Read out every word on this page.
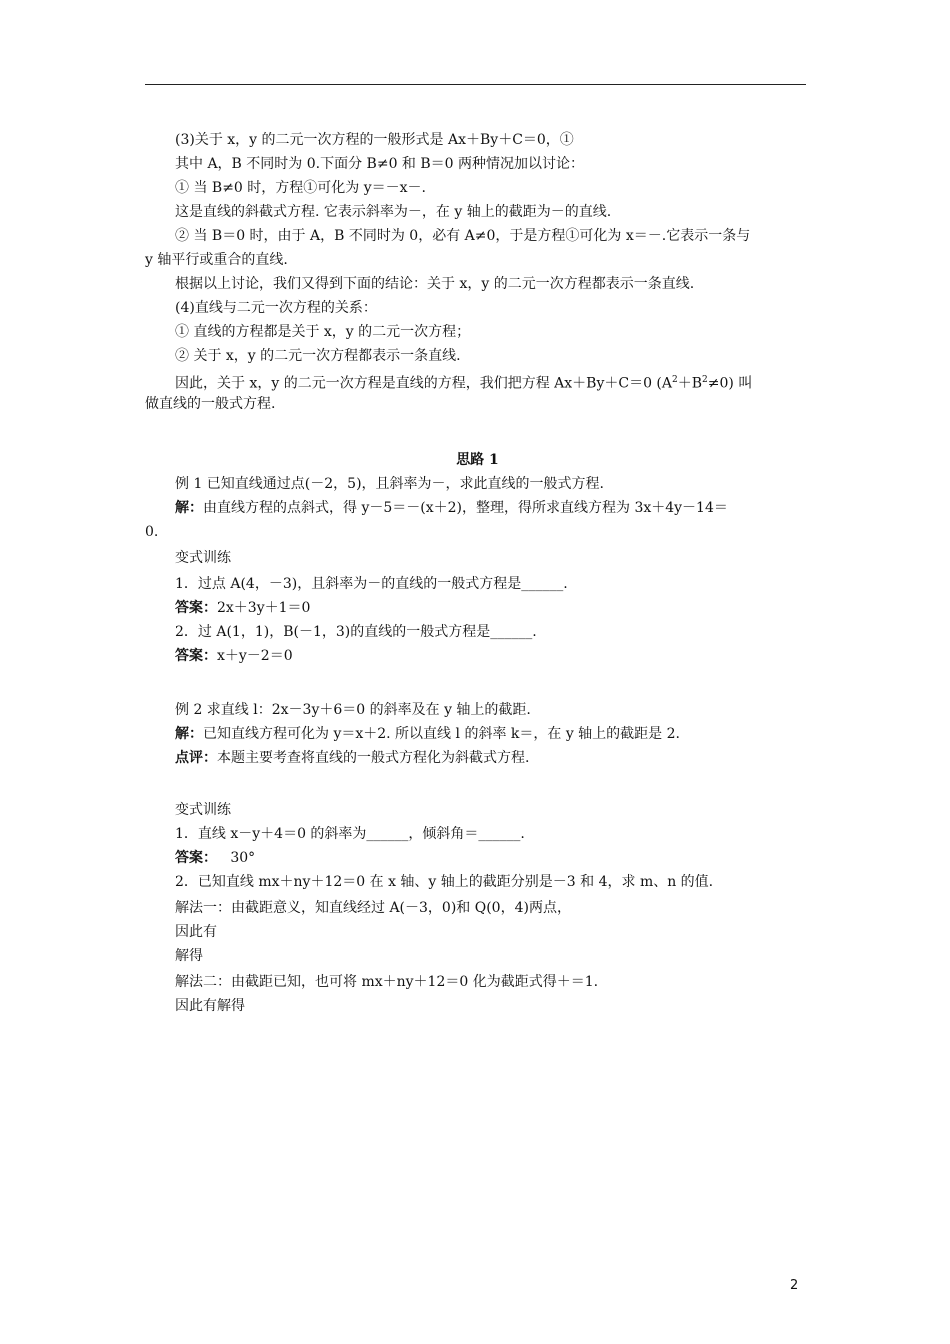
(3)关于 x，y 的二元一次方程的一般形式是 Ax＋By＋C＝0，①
其中 A，B 不同时为 0.下面分 B≠0 和 B＝0 两种情况加以讨论：
① 当 B≠0 时，方程①可化为 y＝－x－.
这是直线的斜截式方程. 它表示斜率为－，在 y 轴上的截距为－的直线.
② 当 B＝0 时，由于 A，B 不同时为 0，必有 A≠0，于是方程①可化为 x＝－.它表示一条与
y 轴平行或重合的直线.
根据以上讨论，我们又得到下面的结论：关于 x，y 的二元一次方程都表示一条直线.
(4)直线与二元一次方程的关系：
① 直线的方程都是关于 x，y 的二元一次方程；
② 关于 x，y 的二元一次方程都表示一条直线.
因此，关于 x，y 的二元一次方程是直线的方程，我们把方程 Ax＋By＋C＝0 $(A^2+B^2\ne 0)$ 叫
做直线的一般式方程.
思路 1
例 1 已知直线通过点(－2，5)，且斜率为－，求此直线的一般式方程.
解：由直线方程的点斜式，得 y－5＝－(x＋2)，整理，得所求直线方程为 3x＋4y－14＝
0.
变式训练
1．过点 A(4，－3)，且斜率为－的直线的一般式方程是______.
答案：2x＋3y＋1＝0
2．过 A(1，1)，B(－1，3)的直线的一般式方程是______.
答案：x＋y－2＝0
例 2 求直线 l：2x－3y＋6＝0 的斜率及在 y 轴上的截距.
解：已知直线方程可化为 y＝x＋2. 所以直线 l 的斜率 k＝，在 y 轴上的截距是 2.
点评：本题主要考查将直线的一般式方程化为斜截式方程.
变式训练
1．直线 x－y＋4＝0 的斜率为______，倾斜角＝______.
答案：   30°
2．已知直线 mx＋ny＋12＝0 在 x 轴、y 轴上的截距分别是－3 和 4，求 m、n 的值.
解法一：由截距意义，知直线经过 A(－3，0)和 Q(0，4)两点，
因此有
解得
解法二：由截距已知，也可将 mx＋ny＋12＝0 化为截距式得＋＝1.
因此有解得
2
